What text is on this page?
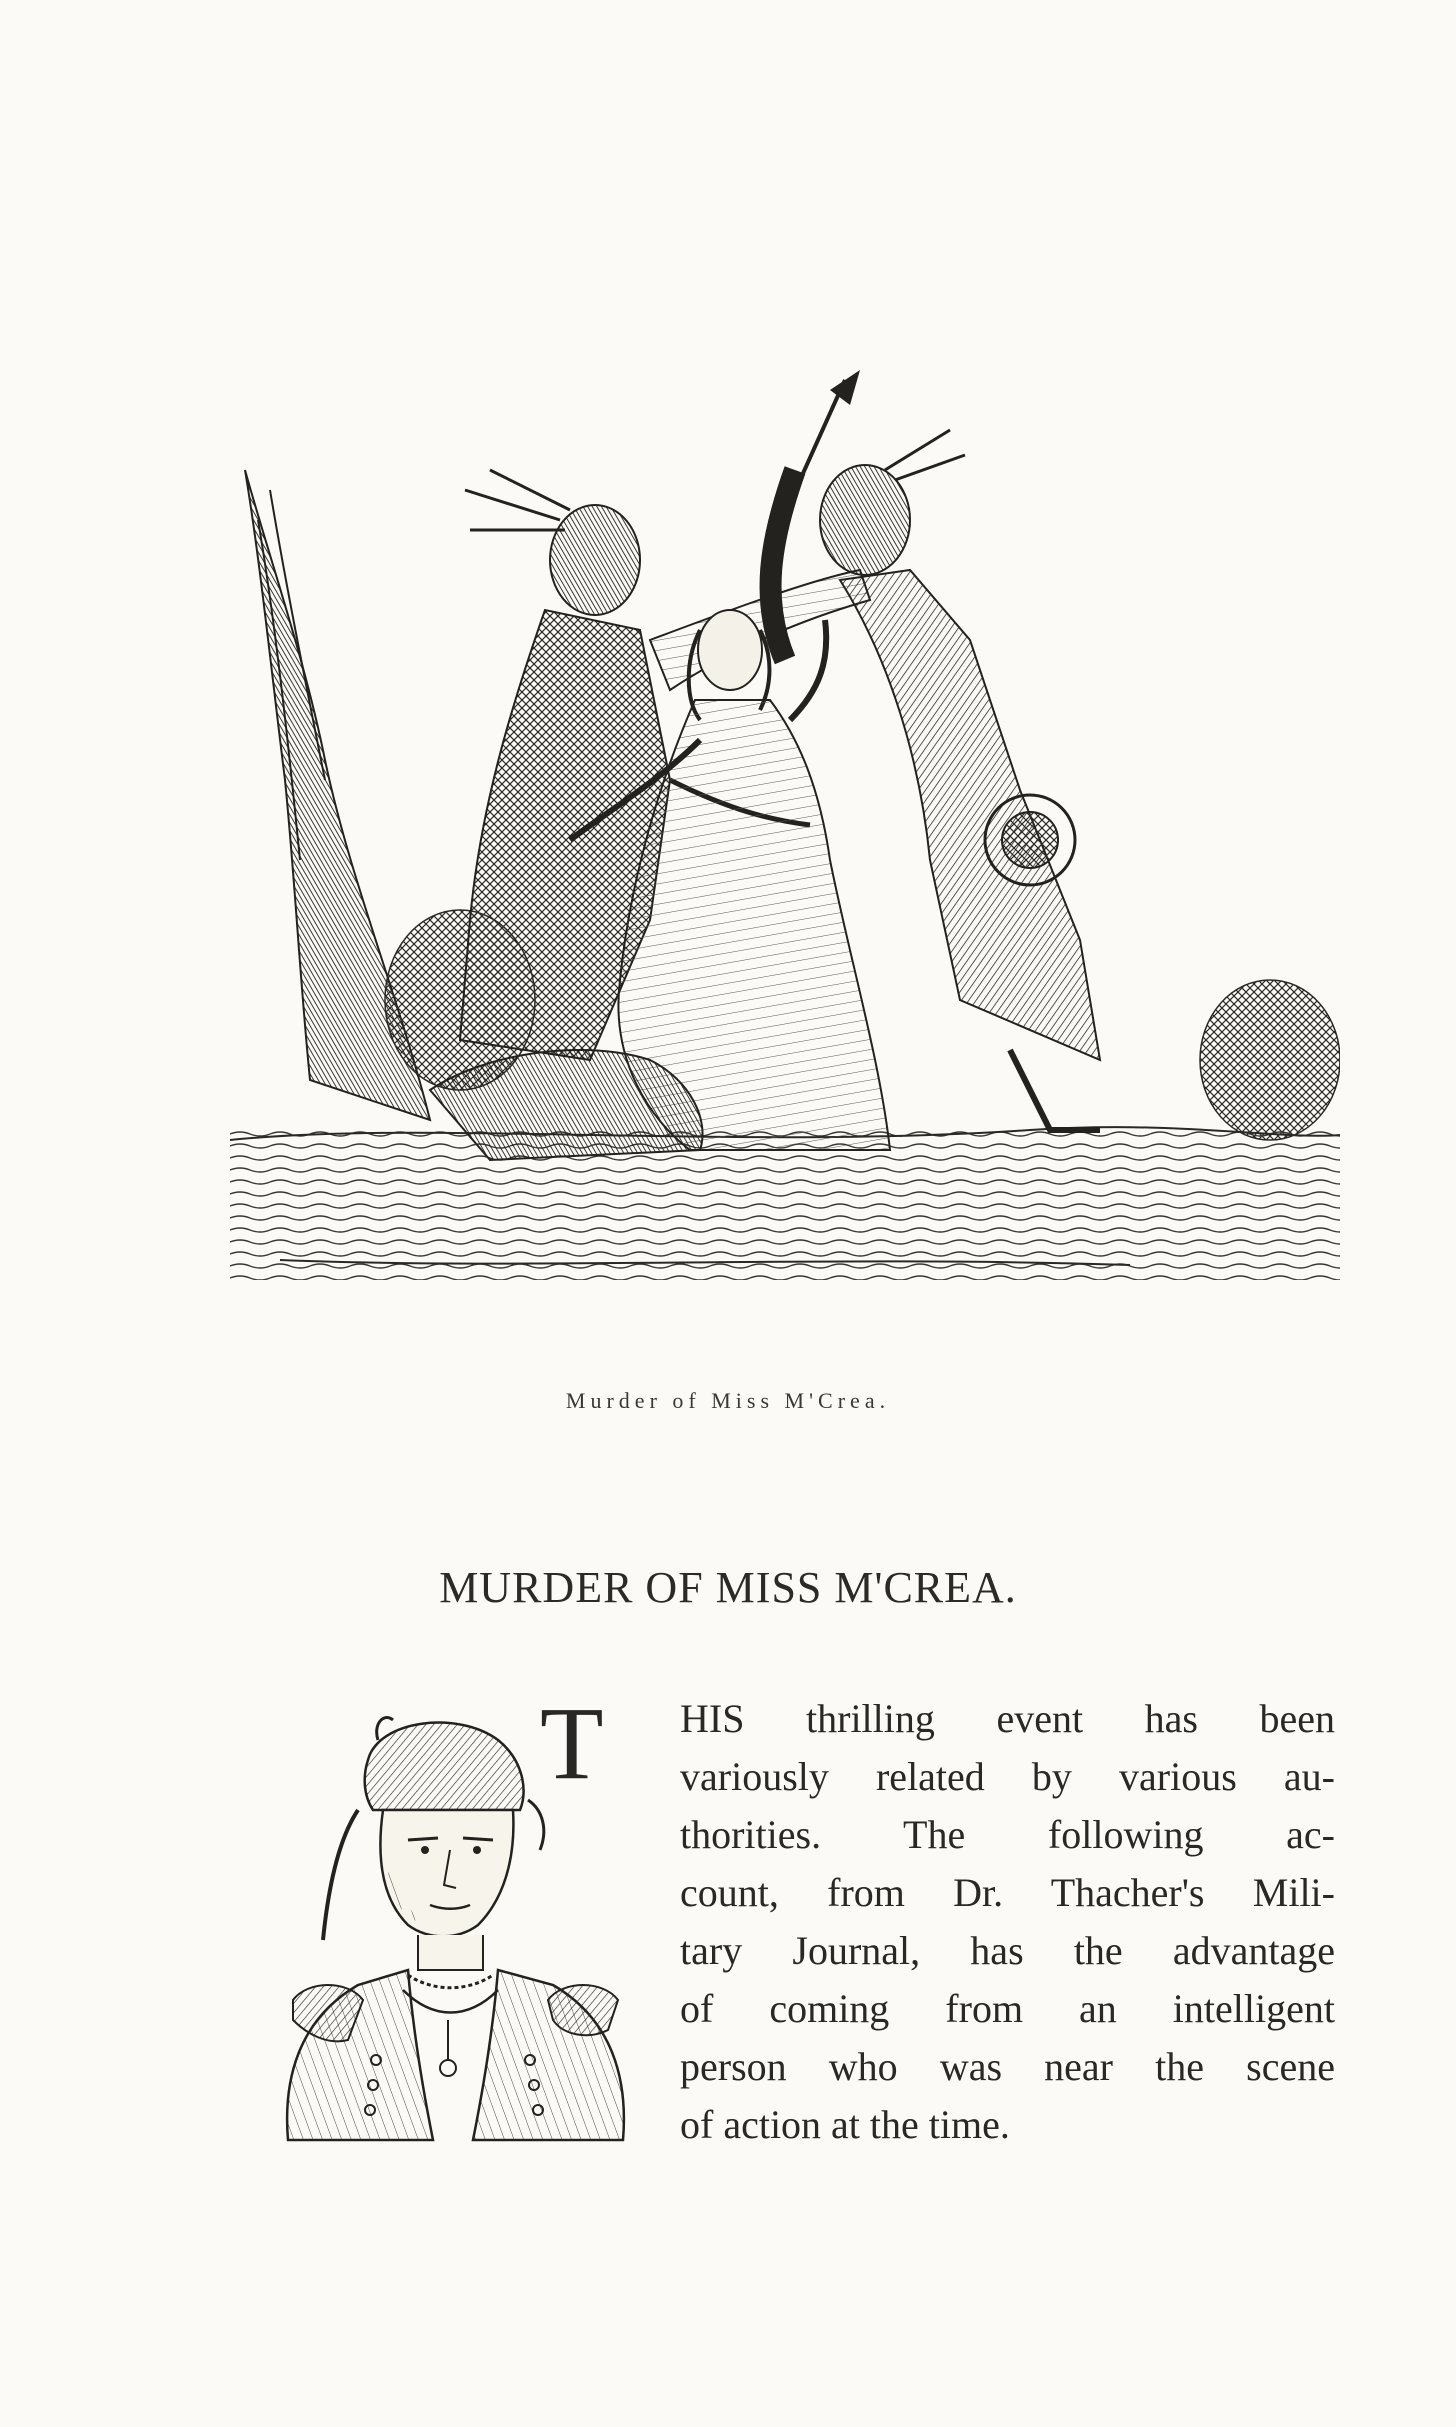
Murder of Miss M'Crea.
MURDER OF MISS M'CREA.
T HIS thrilling event has been
variously related by various au-
thorities. The following ac-
count, from Dr. Thacher's Mili-
tary Journal, has the advantage
of coming from an intelligent
person who was near the scene
of action at the time.
